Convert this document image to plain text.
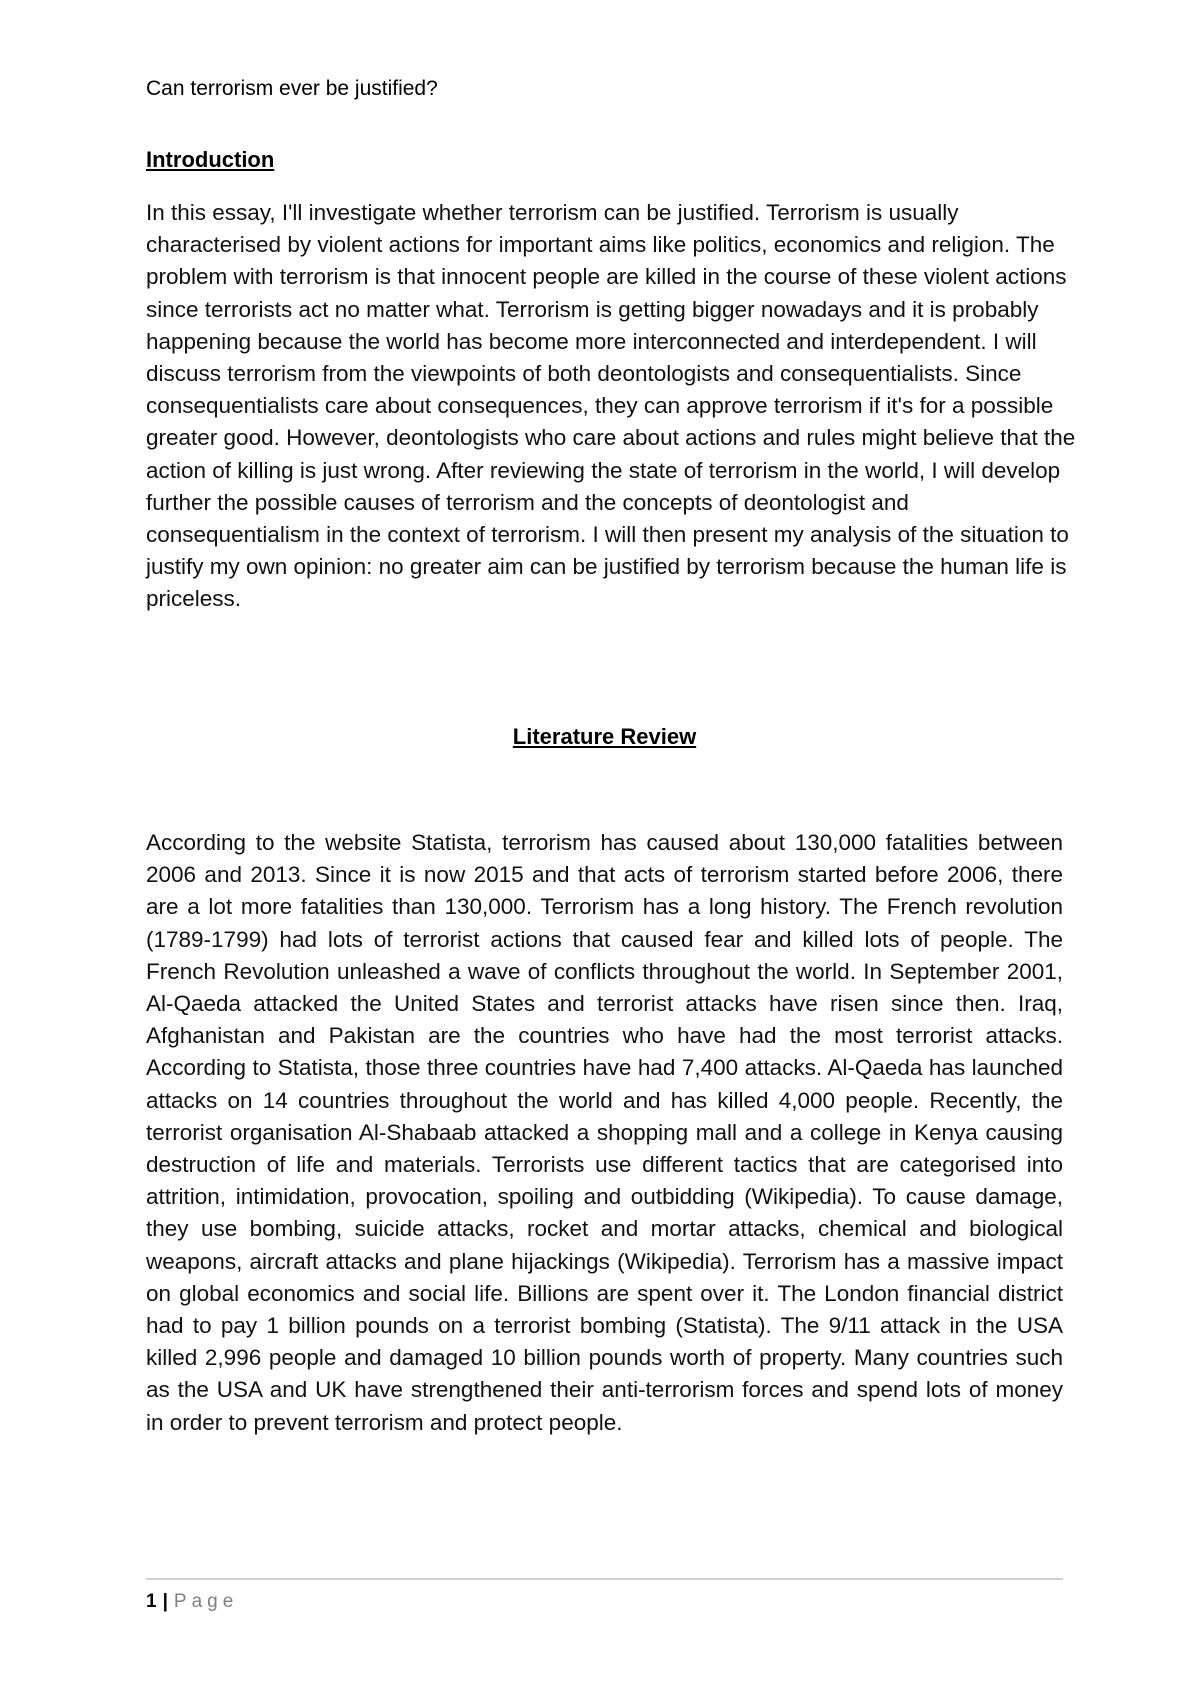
Can terrorism ever be justified?

Introduction

In this essay, I'll investigate whether terrorism can be justified. Terrorism is usually characterised by violent actions for important aims like politics, economics and religion. The problem with terrorism is that innocent people are killed in the course of these violent actions since terrorists act no matter what. Terrorism is getting bigger nowadays and it is probably happening because the world has become more interconnected and interdependent. I will discuss terrorism from the viewpoints of both deontologists and consequentialists. Since consequentialists care about consequences, they can approve terrorism if it's for a possible greater good. However, deontologists who care about actions and rules might believe that the action of killing is just wrong. After reviewing the state of terrorism in the world, I will develop further the possible causes of terrorism and the concepts of deontologist and consequentialism in the context of terrorism. I will then present my analysis of the situation to justify my own opinion: no greater aim can be justified by terrorism because the human life is priceless.

Literature Review

According to the website Statista, terrorism has caused about 130,000 fatalities between 2006 and 2013. Since it is now 2015 and that acts of terrorism started before 2006, there are a lot more fatalities than 130,000. Terrorism has a long history. The French revolution (1789-1799) had lots of terrorist actions that caused fear and killed lots of people. The French Revolution unleashed a wave of conflicts throughout the world. In September 2001, Al-Qaeda attacked the United States and terrorist attacks have risen since then. Iraq, Afghanistan and Pakistan are the countries who have had the most terrorist attacks. According to Statista, those three countries have had 7,400 attacks. Al-Qaeda has launched attacks on 14 countries throughout the world and has killed 4,000 people. Recently, the terrorist organisation Al-Shabaab attacked a shopping mall and a college in Kenya causing destruction of life and materials. Terrorists use different tactics that are categorised into attrition, intimidation, provocation, spoiling and outbidding (Wikipedia). To cause damage, they use bombing, suicide attacks, rocket and mortar attacks, chemical and biological weapons, aircraft attacks and plane hijackings (Wikipedia). Terrorism has a massive impact on global economics and social life. Billions are spent over it. The London financial district had to pay 1 billion pounds on a terrorist bombing (Statista). The 9/11 attack in the USA killed 2,996 people and damaged 10 billion pounds worth of property. Many countries such as the USA and UK have strengthened their anti-terrorism forces and spend lots of money in order to prevent terrorism and protect people.

1 | Page
